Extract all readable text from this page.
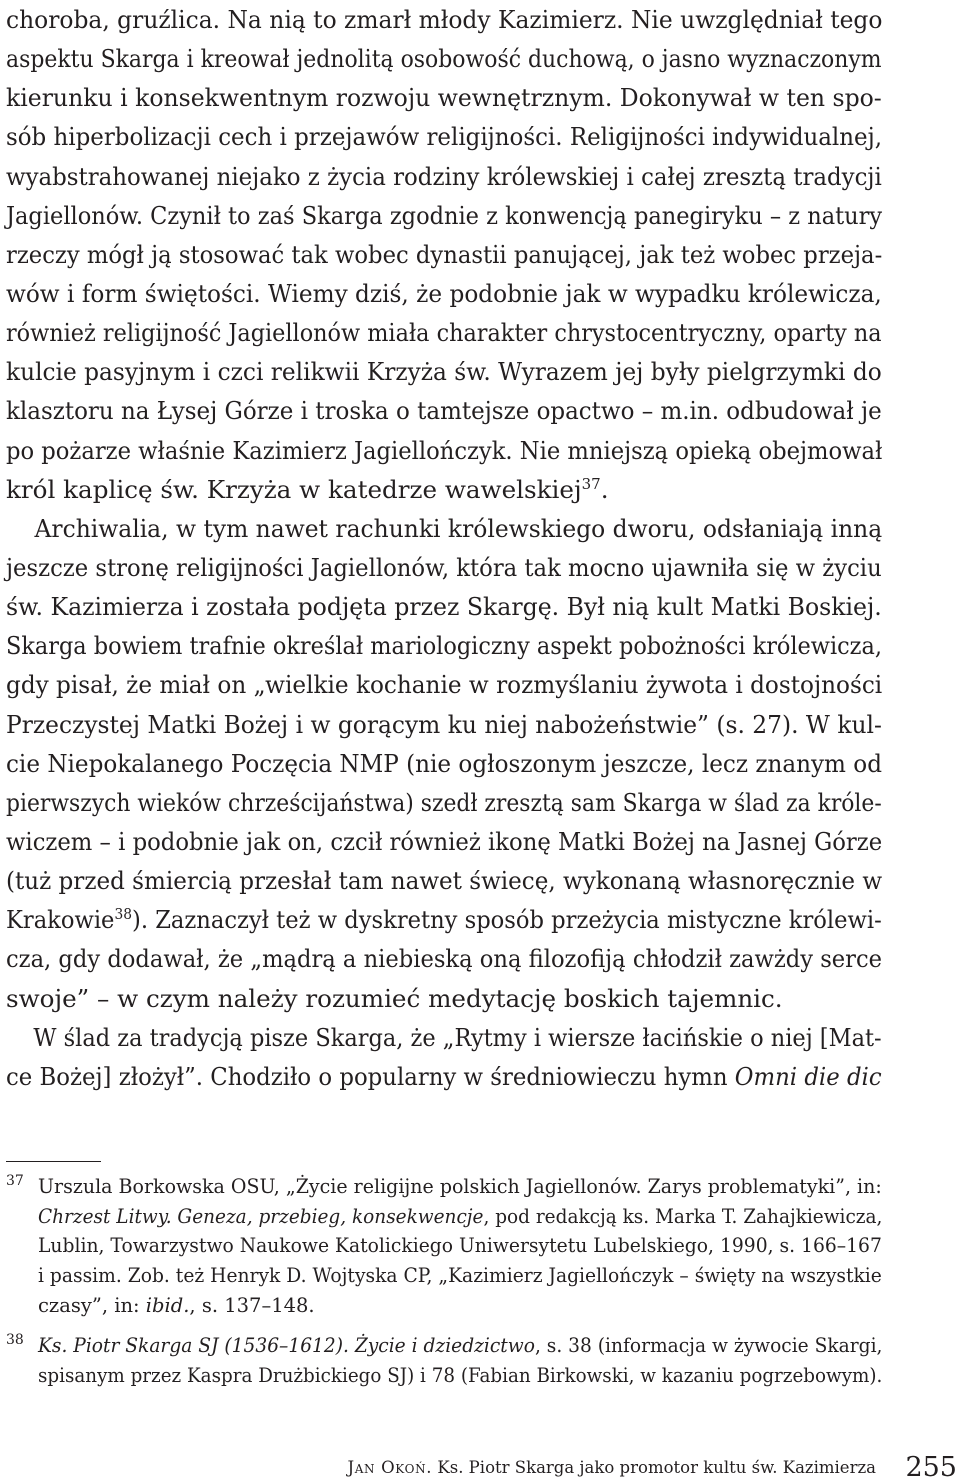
choroba, gruźlica. Na nią to zmarł młody Kazimierz. Nie uwzględniał tego
aspektu Skarga i kreował jednolitą osobowość duchową, o jasno wyznaczonym
kierunku i konsekwentnym rozwoju wewnętrznym. Dokonywał w ten spo-
sób hiperbolizacji cech i przejawów religijności. Religijności indywidualnej,
wyabstrahowanej niejako z życia rodziny królewskiej i całej zresztą tradycji
Jagiellonów. Czynił to zaś Skarga zgodnie z konwencją panegiryku – z natury
rzeczy mógł ją stosować tak wobec dynastii panującej, jak też wobec przeja-
wów i form świętości. Wiemy dziś, że podobnie jak w wypadku królewicza,
również religijność Jagiellonów miała charakter chrystocentryczny, oparty na
kulcie pasyjnym i czci relikwii Krzyża św. Wyrazem jej były pielgrzymki do
klasztoru na Łysej Górze i troska o tamtejsze opactwo – m.in. odbudował je
po pożarze właśnie Kazimierz Jagiellończyk. Nie mniejszą opieką obejmował
król kaplicę św. Krzyża w katedrze wawelskiej$^{37}$.
Archiwalia, w tym nawet rachunki królewskiego dworu, odsłaniają inną
jeszcze stronę religijności Jagiellonów, która tak mocno ujawniła się w życiu
św. Kazimierza i została podjęta przez Skargę. Był nią kult Matki Boskiej.
Skarga bowiem trafnie określał mariologiczny aspekt pobożności królewicza,
gdy pisał, że miał on „wielkie kochanie w rozmyślaniu żywota i dostojności
Przeczystej Matki Bożej i w gorącym ku niej nabożeństwie” (s. 27). W kul-
cie Niepokalanego Poczęcia NMP (nie ogłoszonym jeszcze, lecz znanym od
pierwszych wieków chrześcijaństwa) szedł zresztą sam Skarga w ślad za króle-
wiczem – i podobnie jak on, czcił również ikonę Matki Bożej na Jasnej Górze
(tuż przed śmiercią przesłał tam nawet świecę, wykonaną własnoręcznie w
Krakowie$^{38}$). Zaznaczył też w dyskretny sposób przeżycia mistyczne królewi-
cza, gdy dodawał, że „mądrą a niebieską oną filozofiją chłodził zawżdy serce
swoje” – w czym należy rozumieć medytację boskich tajemnic.
W ślad za tradycją pisze Skarga, że „Rytmy i wiersze łacińskie o niej [Mat-
ce Bożej] złożył”. Chodziło o popularny w średniowieczu hymn Omni die dic
37 Urszula Borkowska OSU, „Życie religijne polskich Jagiellonów. Zarys problematyki”, in:
Chrzest Litwy. Geneza, przebieg, konsekwencje, pod redakcją ks. Marka T. Zahajkiewicza,
Lublin, Towarzystwo Naukowe Katolickiego Uniwersytetu Lubelskiego, 1990, s. 166–167
i passim. Zob. też Henryk D. Wojtyska CP, „Kazimierz Jagiellończyk – święty na wszystkie
czasy”, in: ibid., s. 137–148.
38 Ks. Piotr Skarga SJ (1536–1612). Życie i dziedzictwo, s. 38 (informacja w żywocie Skargi,
spisanym przez Kaspra Drużbickiego SJ) i 78 (Fabian Birkowski, w kazaniu pogrzebowym).
Jan Okoń. Ks. Piotr Skarga jako promotor kultu św. Kazimierza 255
